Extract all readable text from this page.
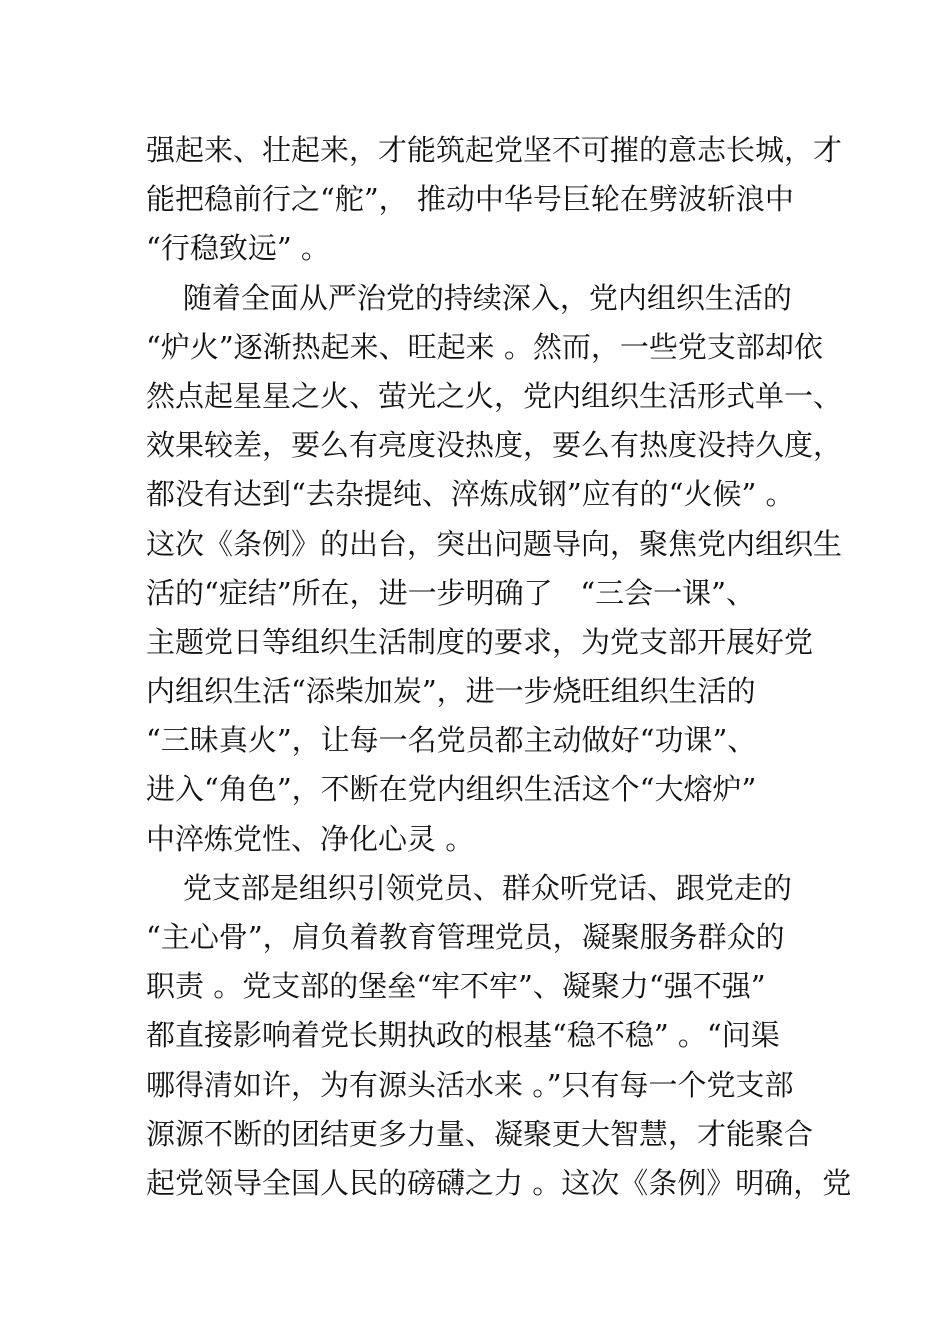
强起来、壮起来，才能筑起党坚不可摧的意志长城，才
能把稳前行之“舵”， 推动中华号巨轮在劈波斩浪中
“行稳致远” 。
随着全面从严治党的持续深入，党内组织生活的
“炉火”逐渐热起来、旺起来 。然而，一些党支部却依
然点起星星之火、萤光之火，党内组织生活形式单一、
效果较差，要么有亮度没热度，要么有热度没持久度，
都没有达到“去杂提纯、淬炼成钢”应有的“火候” 。
这次《条例》的出台，突出问题导向，聚焦党内组织生
活的“症结”所在，进一步明确了   “三会一课”、
主题党日等组织生活制度的要求，为党支部开展好党
内组织生活“添柴加炭”，进一步烧旺组织生活的
“三昧真火”，让每一名党员都主动做好“功课”、
进入“角色”，不断在党内组织生活这个“大熔炉”
中淬炼党性、净化心灵 。
党支部是组织引领党员、群众听党话、跟党走的
“主心骨”，肩负着教育管理党员，凝聚服务群众的
职责 。党支部的堡垒“牢不牢”、凝聚力“强不强”
都直接影响着党长期执政的根基“稳不稳” 。“问渠
哪得清如许，为有源头活水来 。”只有每一个党支部
源源不断的团结更多力量、凝聚更大智慧，才能聚合
起党领导全国人民的磅礴之力 。这次《条例》明确，党
